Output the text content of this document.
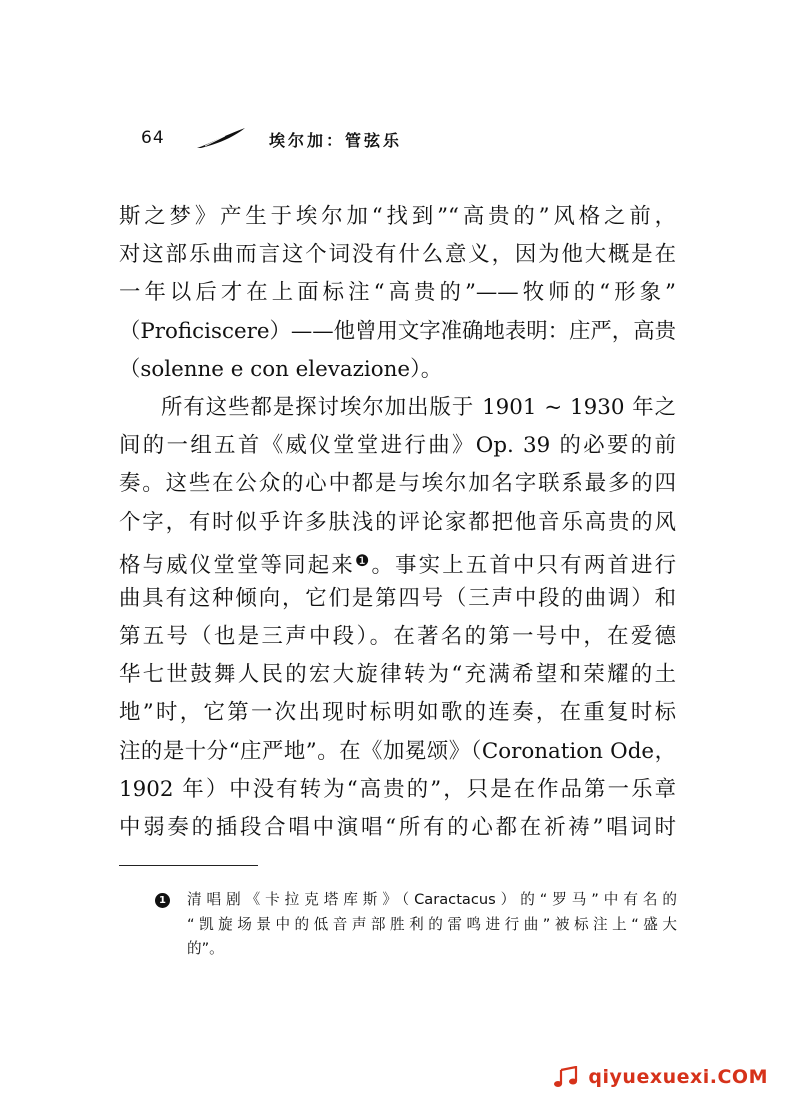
64	埃尔加：管弦乐
斯之梦》产生于埃尔加“找到”“高贵的”风格之前，
对这部乐曲而言这个词没有什么意义，因为他大概是在
一年以后才在上面标注“高贵的”——牧师的“形象”
（Proficiscere）——他曾用文字准确地表明：庄严，高贵
（solenne e con elevazione）。
所有这些都是探讨埃尔加出版于 1901 ~ 1930 年之
间的一组五首《威仪堂堂进行曲》Op. 39 的必要的前
奏。这些在公众的心中都是与埃尔加名字联系最多的四
个字，有时似乎许多肤浅的评论家都把他音乐高贵的风
格与威仪堂堂等同起来$^❶$。事实上五首中只有两首进行
曲具有这种倾向，它们是第四号（三声中段的曲调）和
第五号（也是三声中段）。在著名的第一号中，在爱德
华七世鼓舞人民的宏大旋律转为“充满希望和荣耀的土
地”时，它第一次出现时标明如歌的连奏，在重复时标
注的是十分“庄严地”。在《加冕颂》（Coronation Ode，
1902 年）中没有转为“高贵的”，只是在作品第一乐章
中弱奏的插段合唱中演唱“所有的心都在祈祷”唱词时
1 清唱剧《卡拉克塔库斯》（Caractacus）的“罗马”中有名的
“凯旋场景中的低音声部胜利的雷鸣进行曲”被标注上“盛大
的”。
qiyuexuexi.COM
